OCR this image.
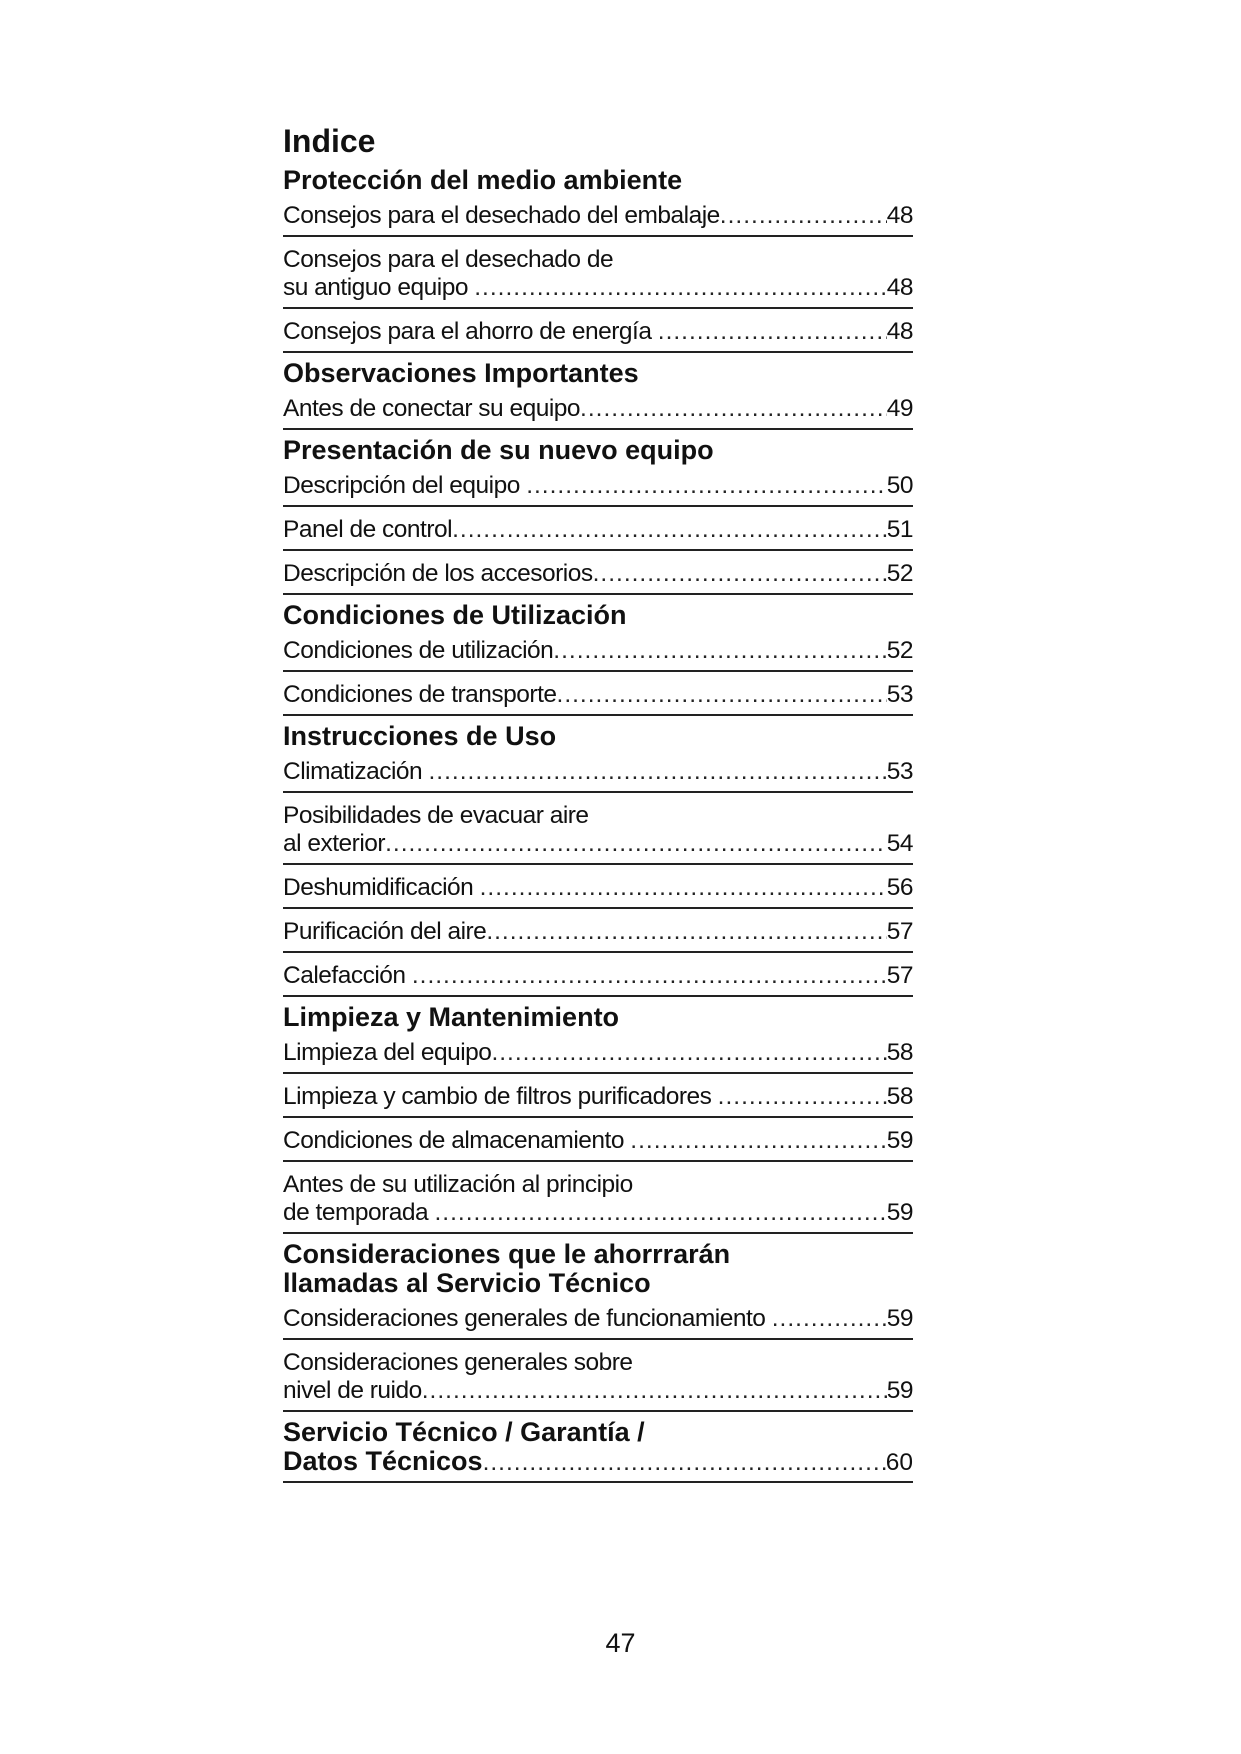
Indice
Protección del medio ambiente
Consejos para el desechado del embalaje .....	48
Consejos para el desechado de
su antiguo equipo .....	48
Consejos para el ahorro de energía .....	48
Observaciones Importantes
Antes de conectar su equipo .....	49
Presentación de su nuevo equipo
Descripción del equipo .....	50
Panel de control .....	51
Descripción de los accesorios .....	52
Condiciones de Utilización
Condiciones de utilización .....	52
Condiciones de transporte .....	53
Instrucciones de Uso
Climatización .....	53
Posibilidades de evacuar aire
al exterior .....	54
Deshumidificación .....	56
Purificación del aire .....	57
Calefacción .....	57
Limpieza y Mantenimiento
Limpieza del equipo .....	58
Limpieza y cambio de filtros purificadores .....	58
Condiciones de almacenamiento .....	59
Antes de su utilización al principio
de temporada .....	59
Consideraciones que le ahorrrarán
llamadas al Servicio Técnico
Consideraciones generales de funcionamiento .....	59
Consideraciones generales sobre
nivel de ruido .....	59
Servicio Técnico / Garantía /
Datos Técnicos .....	60
47
